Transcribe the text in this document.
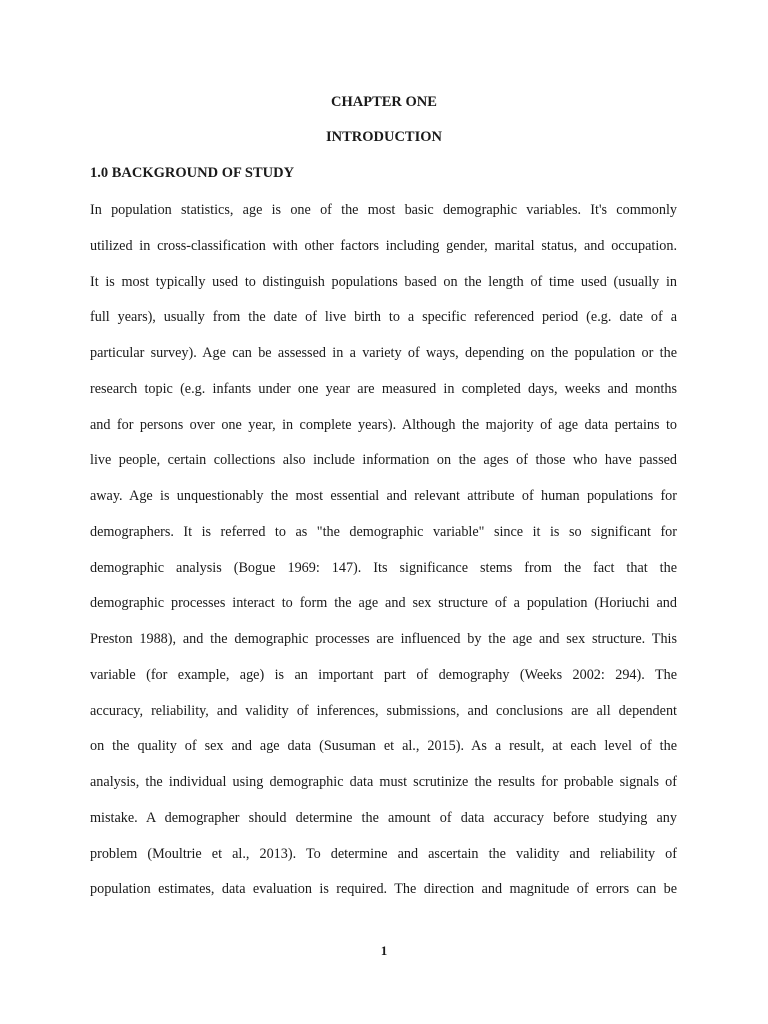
CHAPTER ONE
INTRODUCTION
1.0 BACKGROUND OF STUDY
In population statistics, age is one of the most basic demographic variables. It's commonly
utilized in cross-classification with other factors including gender, marital status, and occupation.
It is most typically used to distinguish populations based on the length of time used (usually in
full years), usually from the date of live birth to a specific referenced period (e.g. date of a
particular survey). Age can be assessed in a variety of ways, depending on the population or the
research topic (e.g. infants under one year are measured in completed days, weeks and months
and for persons over one year, in complete years). Although the majority of age data pertains to
live people, certain collections also include information on the ages of those who have passed
away. Age is unquestionably the most essential and relevant attribute of human populations for
demographers. It is referred to as "the demographic variable" since it is so significant for
demographic analysis (Bogue 1969: 147). Its significance stems from the fact that the
demographic processes interact to form the age and sex structure of a population (Horiuchi and
Preston 1988), and the demographic processes are influenced by the age and sex structure. This
variable (for example, age) is an important part of demography (Weeks 2002: 294). The
accuracy, reliability, and validity of inferences, submissions, and conclusions are all dependent
on the quality of sex and age data (Susuman et al., 2015). As a result, at each level of the
analysis, the individual using demographic data must scrutinize the results for probable signals of
mistake. A demographer should determine the amount of data accuracy before studying any
problem (Moultrie et al., 2013). To determine and ascertain the validity and reliability of
population estimates, data evaluation is required. The direction and magnitude of errors can be
1
